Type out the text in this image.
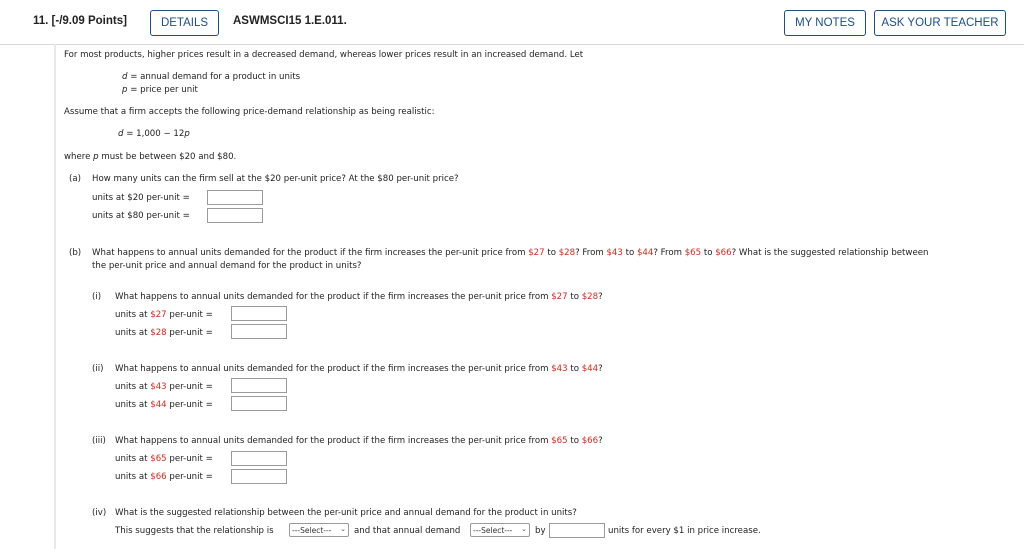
11. [-/9.09 Points]	DETAILS	ASWMSCI15 1.E.011.	MY NOTES	ASK YOUR TEACHER
For most products, higher prices result in a decreased demand, whereas lower prices result in an increased demand. Let
d = annual demand for a product in units
p = price per unit
Assume that a firm accepts the following price-demand relationship as being realistic:
d = 1,000 − 12p
where p must be between $20 and $80.
(a) How many units can the firm sell at the $20 per-unit price? At the $80 per-unit price?
units at $20 per-unit =
units at $80 per-unit =
(b) What happens to annual units demanded for the product if the firm increases the per-unit price from $27 to $28? From $43 to $44? From $65 to $66? What is the suggested relationship between
the per-unit price and annual demand for the product in units?
(i) What happens to annual units demanded for the product if the firm increases the per-unit price from $27 to $28?
units at $27 per-unit =
units at $28 per-unit =
(ii) What happens to annual units demanded for the product if the firm increases the per-unit price from $43 to $44?
units at $43 per-unit =
units at $44 per-unit =
(iii) What happens to annual units demanded for the product if the firm increases the per-unit price from $65 to $66?
units at $65 per-unit =
units at $66 per-unit =
(iv) What is the suggested relationship between the per-unit price and annual demand for the product in units?
This suggests that the relationship is ---Select--- ⌄ and that annual demand ---Select--- ⌄ by	units for every $1 in price increase.
